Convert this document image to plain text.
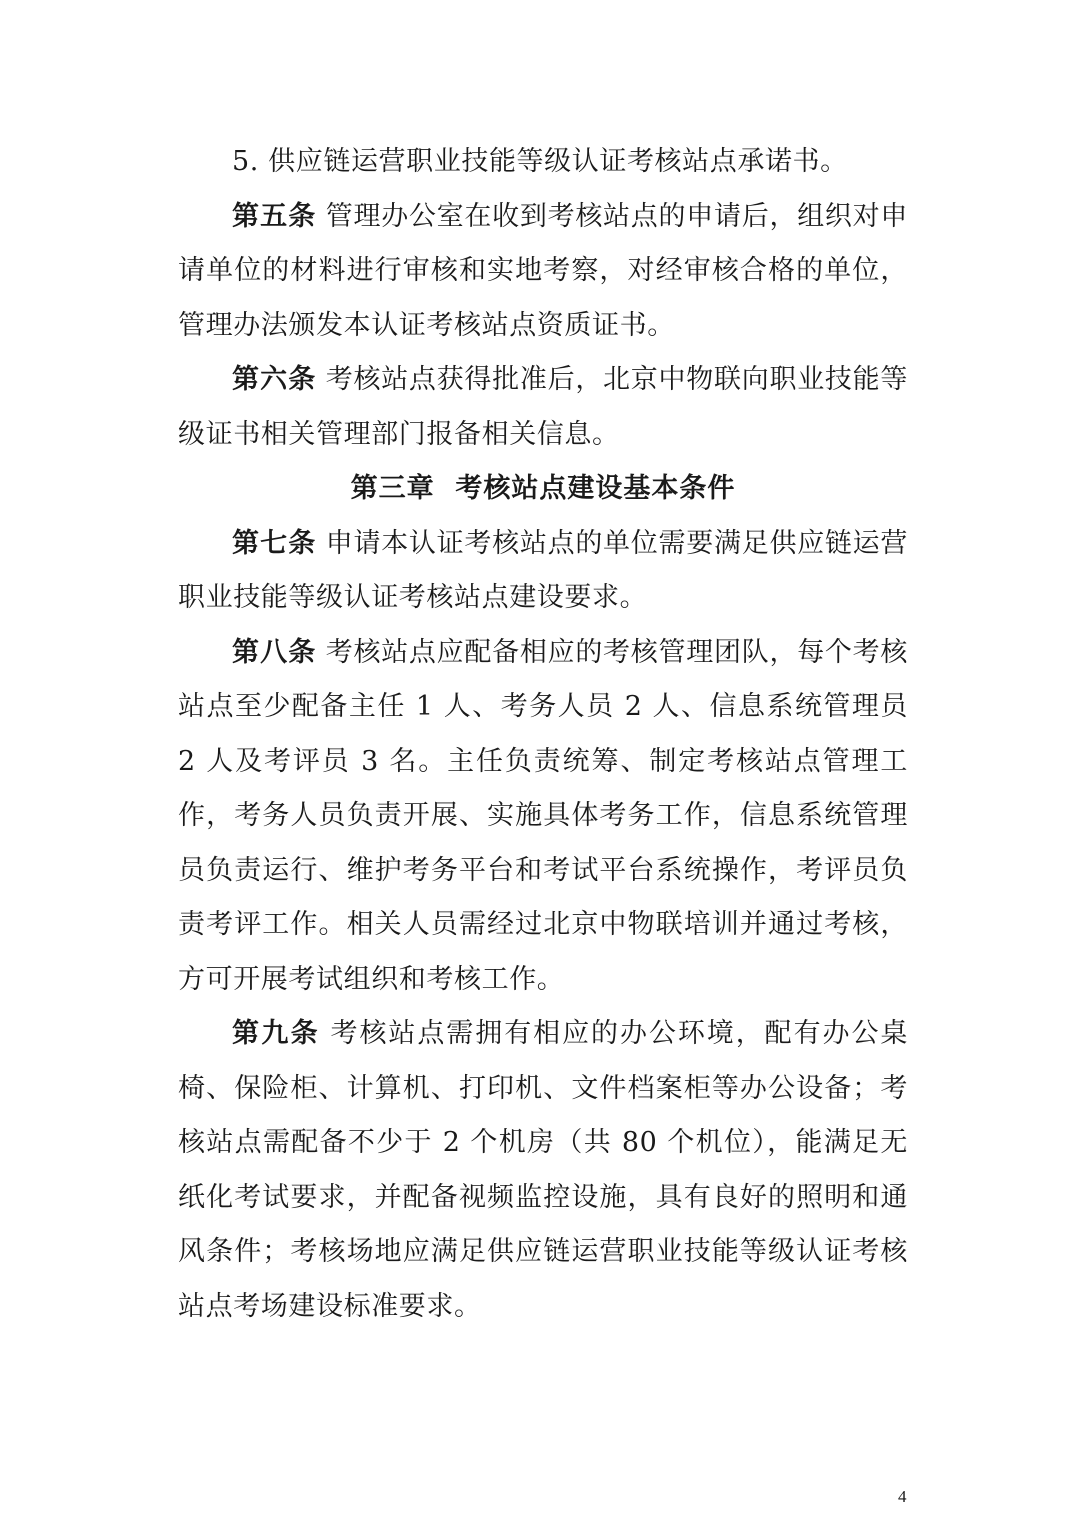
5. 供应链运营职业技能等级认证考核站点承诺书。

第五条 管理办公室在收到考核站点的申请后，组织对申请单位的材料进行审核和实地考察，对经审核合格的单位，管理办法颁发本认证考核站点资质证书。

第六条 考核站点获得批准后，北京中物联向职业技能等级证书相关管理部门报备相关信息。

第三章  考核站点建设基本条件

第七条 申请本认证考核站点的单位需要满足供应链运营职业技能等级认证考核站点建设要求。

第八条 考核站点应配备相应的考核管理团队，每个考核站点至少配备主任 1 人、考务人员 2 人、信息系统管理员 2 人及考评员 3 名。主任负责统筹、制定考核站点管理工作，考务人员负责开展、实施具体考务工作，信息系统管理员负责运行、维护考务平台和考试平台系统操作，考评员负责考评工作。相关人员需经过北京中物联培训并通过考核，方可开展考试组织和考核工作。

第九条 考核站点需拥有相应的办公环境，配有办公桌椅、保险柜、计算机、打印机、文件档案柜等办公设备；考核站点需配备不少于 2 个机房（共 80 个机位），能满足无纸化考试要求，并配备视频监控设施，具有良好的照明和通风条件；考核场地应满足供应链运营职业技能等级认证考核站点考场建设标准要求。

4
